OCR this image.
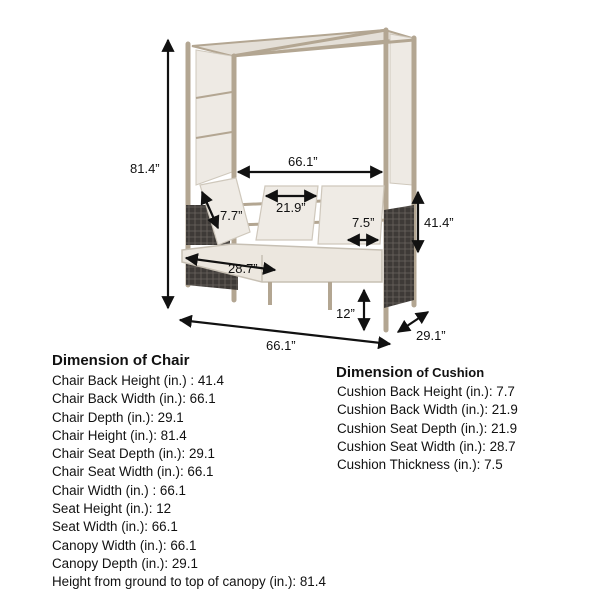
81.4”
41.4”
66.1”
21.9”
7.7”	7.5”
28.7”
12”
29.1”
66.1”
Dimension of Chair
Chair Back Height (in.) : 41.4
Chair Back Width (in.): 66.1
Chair Depth (in.): 29.1
Chair Height (in.): 81.4
Chair Seat Depth (in.): 29.1
Chair Seat Width (in.): 66.1
Chair Width (in.) : 66.1
Seat Height (in.): 12
Seat Width (in.): 66.1
Canopy Width (in.): 66.1
Canopy Depth (in.): 29.1
Height from ground to top of canopy (in.): 81.4
Dimension of Cushion
Cushion Back Height (in.): 7.7
Cushion Back Width (in.): 21.9
Cushion Seat Depth (in.): 21.9
Cushion Seat Width (in.): 28.7
Cushion Thickness (in.): 7.5
